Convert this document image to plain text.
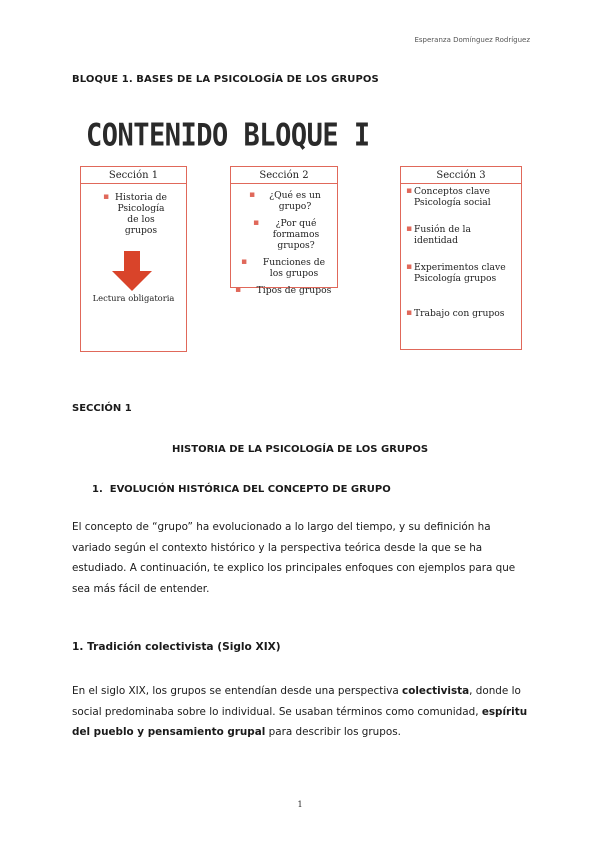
Esperanza Domínguez Rodríguez
BLOQUE 1. BASES DE LA PSICOLOGÍA DE LOS GRUPOS
CONTENIDO BLOQUE I
Sección 1
▪ Historia de Psicología de los grupos
Lectura obligatoria
Sección 2
▪ ¿Qué es un grupo?
▪ ¿Por qué formamos grupos?
▪ Funciones de los grupos
▪ Tipos de grupos
Sección 3
▪ Conceptos clave Psicología social
▪ Fusión de la identidad
▪ Experimentos clave Psicología grupos
▪ Trabajo con grupos
SECCIÓN 1
HISTORIA DE LA PSICOLOGÍA DE LOS GRUPOS
1. EVOLUCIÓN HISTÓRICA DEL CONCEPTO DE GRUPO
El concepto de “grupo” ha evolucionado a lo largo del tiempo, y su definición ha variado según el contexto histórico y la perspectiva teórica desde la que se ha estudiado. A continuación, te explico los principales enfoques con ejemplos para que sea más fácil de entender.
1. Tradición colectivista (Siglo XIX)
En el siglo XIX, los grupos se entendían desde una perspectiva colectivista, donde lo social predominaba sobre lo individual. Se usaban términos como comunidad, espíritu del pueblo y pensamiento grupal para describir los grupos.
1
